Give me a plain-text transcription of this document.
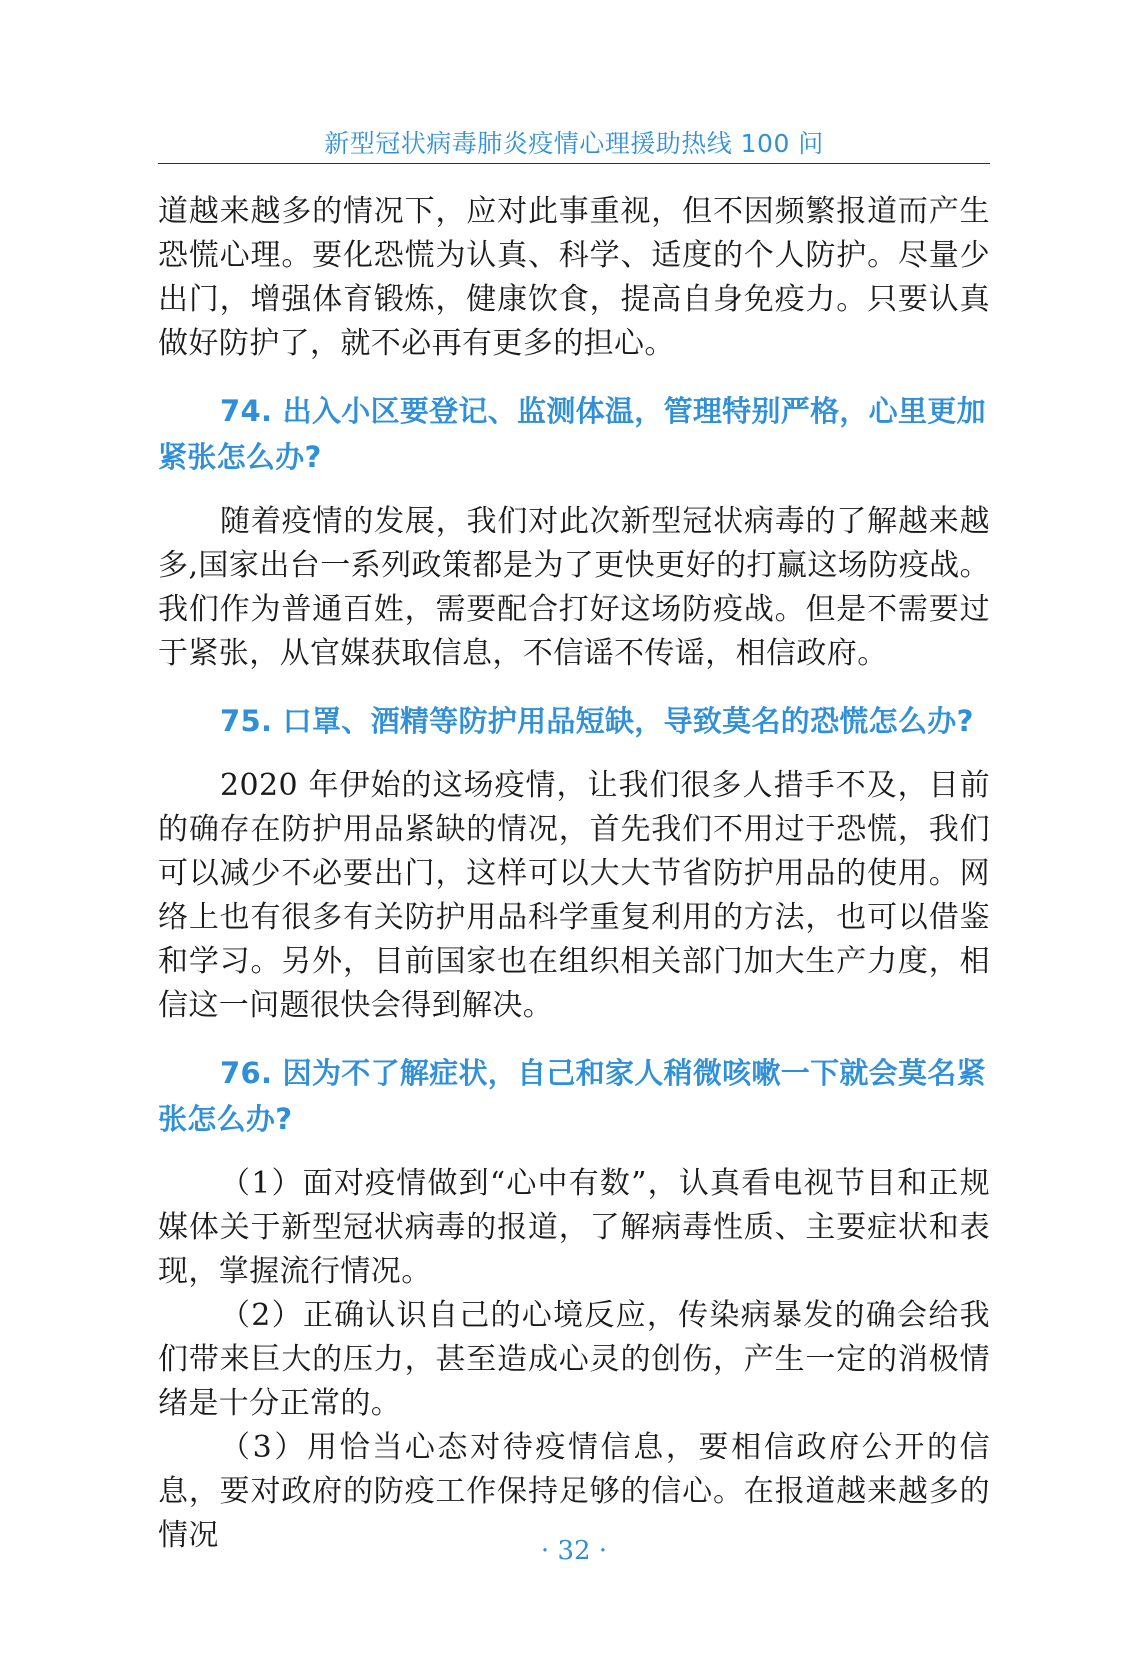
新型冠状病毒肺炎疫情心理援助热线 100 问

道越来越多的情况下，应对此事重视，但不因频繁报道而产生恐慌心理。要化恐慌为认真、科学、适度的个人防护。尽量少出门，增强体育锻炼，健康饮食，提高自身免疫力。只要认真做好防护了，就不必再有更多的担心。

74. 出入小区要登记、监测体温，管理特别严格，心里更加紧张怎么办?

随着疫情的发展，我们对此次新型冠状病毒的了解越来越多,国家出台一系列政策都是为了更快更好的打赢这场防疫战。我们作为普通百姓，需要配合打好这场防疫战。但是不需要过于紧张，从官媒获取信息，不信谣不传谣，相信政府。

75. 口罩、酒精等防护用品短缺，导致莫名的恐慌怎么办?

2020 年伊始的这场疫情，让我们很多人措手不及，目前的确存在防护用品紧缺的情况，首先我们不用过于恐慌，我们可以减少不必要出门，这样可以大大节省防护用品的使用。网络上也有很多有关防护用品科学重复利用的方法，也可以借鉴和学习。另外，目前国家也在组织相关部门加大生产力度，相信这一问题很快会得到解决。

76. 因为不了解症状，自己和家人稍微咳嗽一下就会莫名紧张怎么办?

（1）面对疫情做到“心中有数”，认真看电视节目和正规媒体关于新型冠状病毒的报道，了解病毒性质、主要症状和表现，掌握流行情况。

（2）正确认识自己的心境反应，传染病暴发的确会给我们带来巨大的压力，甚至造成心灵的创伤，产生一定的消极情绪是十分正常的。

（3）用恰当心态对待疫情信息，要相信政府公开的信息，要对政府的防疫工作保持足够的信心。在报道越来越多的情况	· 32 ·
